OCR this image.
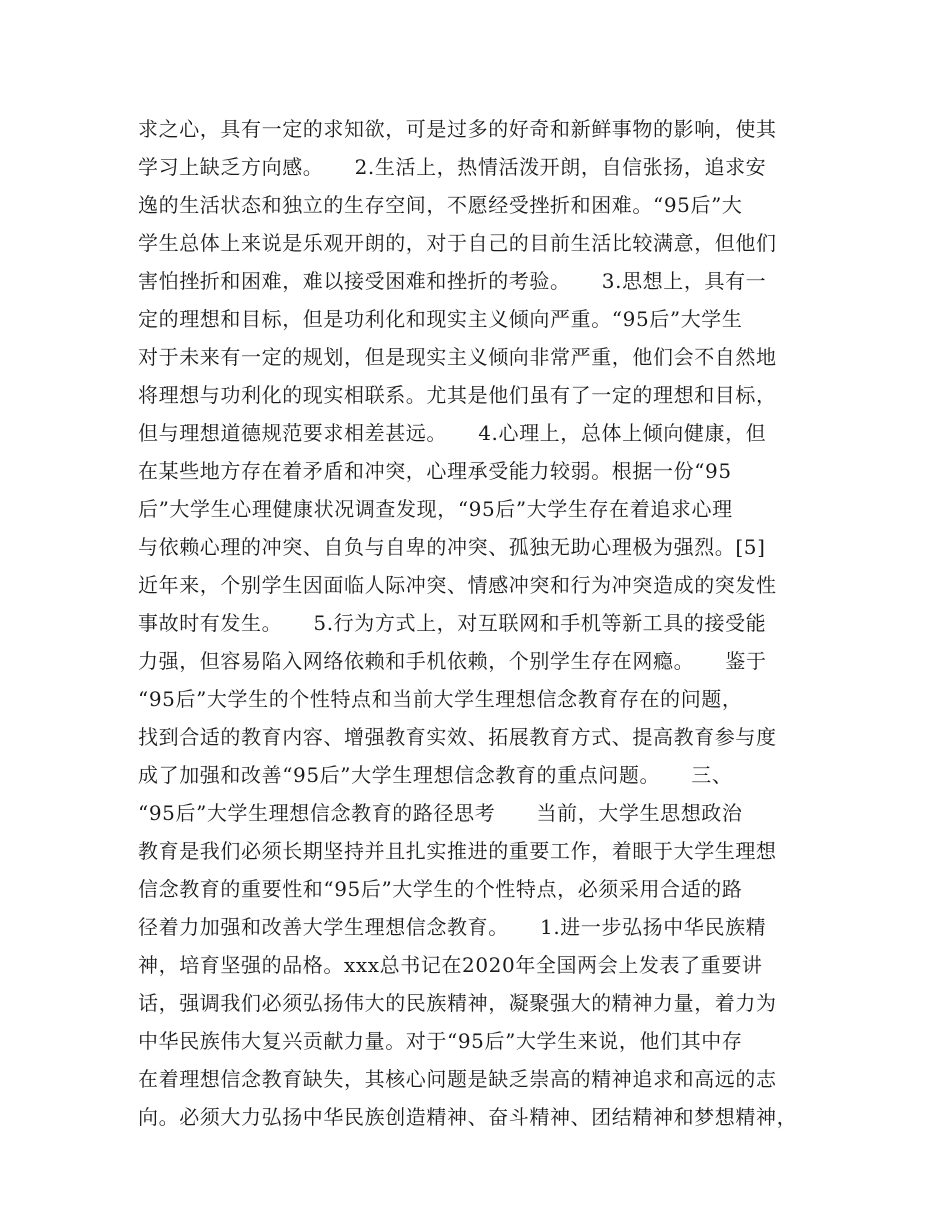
求之心，具有一定的求知欲，可是过多的好奇和新鲜事物的影响，使其
学习上缺乏方向感。　　2.生活上，热情活泼开朗，自信张扬，追求安
逸的生活状态和独立的生存空间，不愿经受挫折和困难。“95后”大
学生总体上来说是乐观开朗的，对于自己的目前生活比较满意，但他们
害怕挫折和困难，难以接受困难和挫折的考验。　　3.思想上，具有一
定的理想和目标，但是功利化和现实主义倾向严重。“95后”大学生
对于未来有一定的规划，但是现实主义倾向非常严重，他们会不自然地
将理想与功利化的现实相联系。尤其是他们虽有了一定的理想和目标，
但与理想道德规范要求相差甚远。　　4.心理上，总体上倾向健康，但
在某些地方存在着矛盾和冲突，心理承受能力较弱。根据一份“95
后”大学生心理健康状况调查发现，“95后”大学生存在着追求心理
与依赖心理的冲突、自负与自卑的冲突、孤独无助心理极为强烈。[5]
近年来，个别学生因面临人际冲突、情感冲突和行为冲突造成的突发性
事故时有发生。　　5.行为方式上，对互联网和手机等新工具的接受能
力强，但容易陷入网络依赖和手机依赖，个别学生存在网瘾。　　鉴于
“95后”大学生的个性特点和当前大学生理想信念教育存在的问题，
找到合适的教育内容、增强教育实效、拓展教育方式、提高教育参与度
成了加强和改善“95后”大学生理想信念教育的重点问题。　　三、
“95后”大学生理想信念教育的路径思考　　当前，大学生思想政治
教育是我们必须长期坚持并且扎实推进的重要工作，着眼于大学生理想
信念教育的重要性和“95后”大学生的个性特点，必须采用合适的路
径着力加强和改善大学生理想信念教育。　　1.进一步弘扬中华民族精
神，培育坚强的品格。xxx总书记在2020年全国两会上发表了重要讲
话，强调我们必须弘扬伟大的民族精神，凝聚强大的精神力量，着力为
中华民族伟大复兴贡献力量。对于“95后”大学生来说，他们其中存
在着理想信念教育缺失，其核心问题是缺乏崇高的精神追求和高远的志
向。必须大力弘扬中华民族创造精神、奋斗精神、团结精神和梦想精神，
